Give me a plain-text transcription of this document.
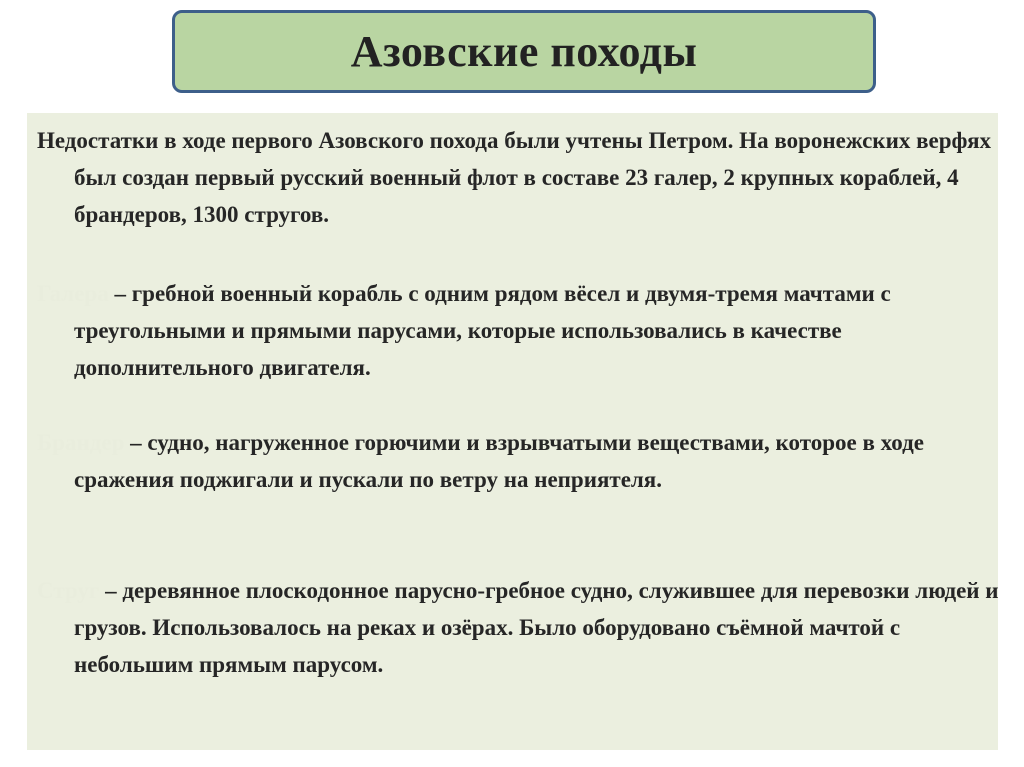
Азовские походы

Недостатки в ходе первого Азовского похода были учтены Петром. На воронежских верфях был создан первый русский военный флот в составе 23 галер, 2 крупных кораблей, 4 брандеров, 1300 стругов.

Галера – гребной военный корабль с одним рядом вёсел и двумя-тремя мачтами с треугольными и прямыми парусами, которые использовались в качестве дополнительного двигателя.

Брандер – судно, нагруженное горючими и взрывчатыми веществами, которое в ходе сражения поджигали и пускали по ветру на неприятеля.

Струг – деревянное плоскодонное парусно-гребное судно, служившее для перевозки людей и грузов. Использовалось на реках и озёрах. Было оборудовано съёмной мачтой с небольшим прямым парусом.
